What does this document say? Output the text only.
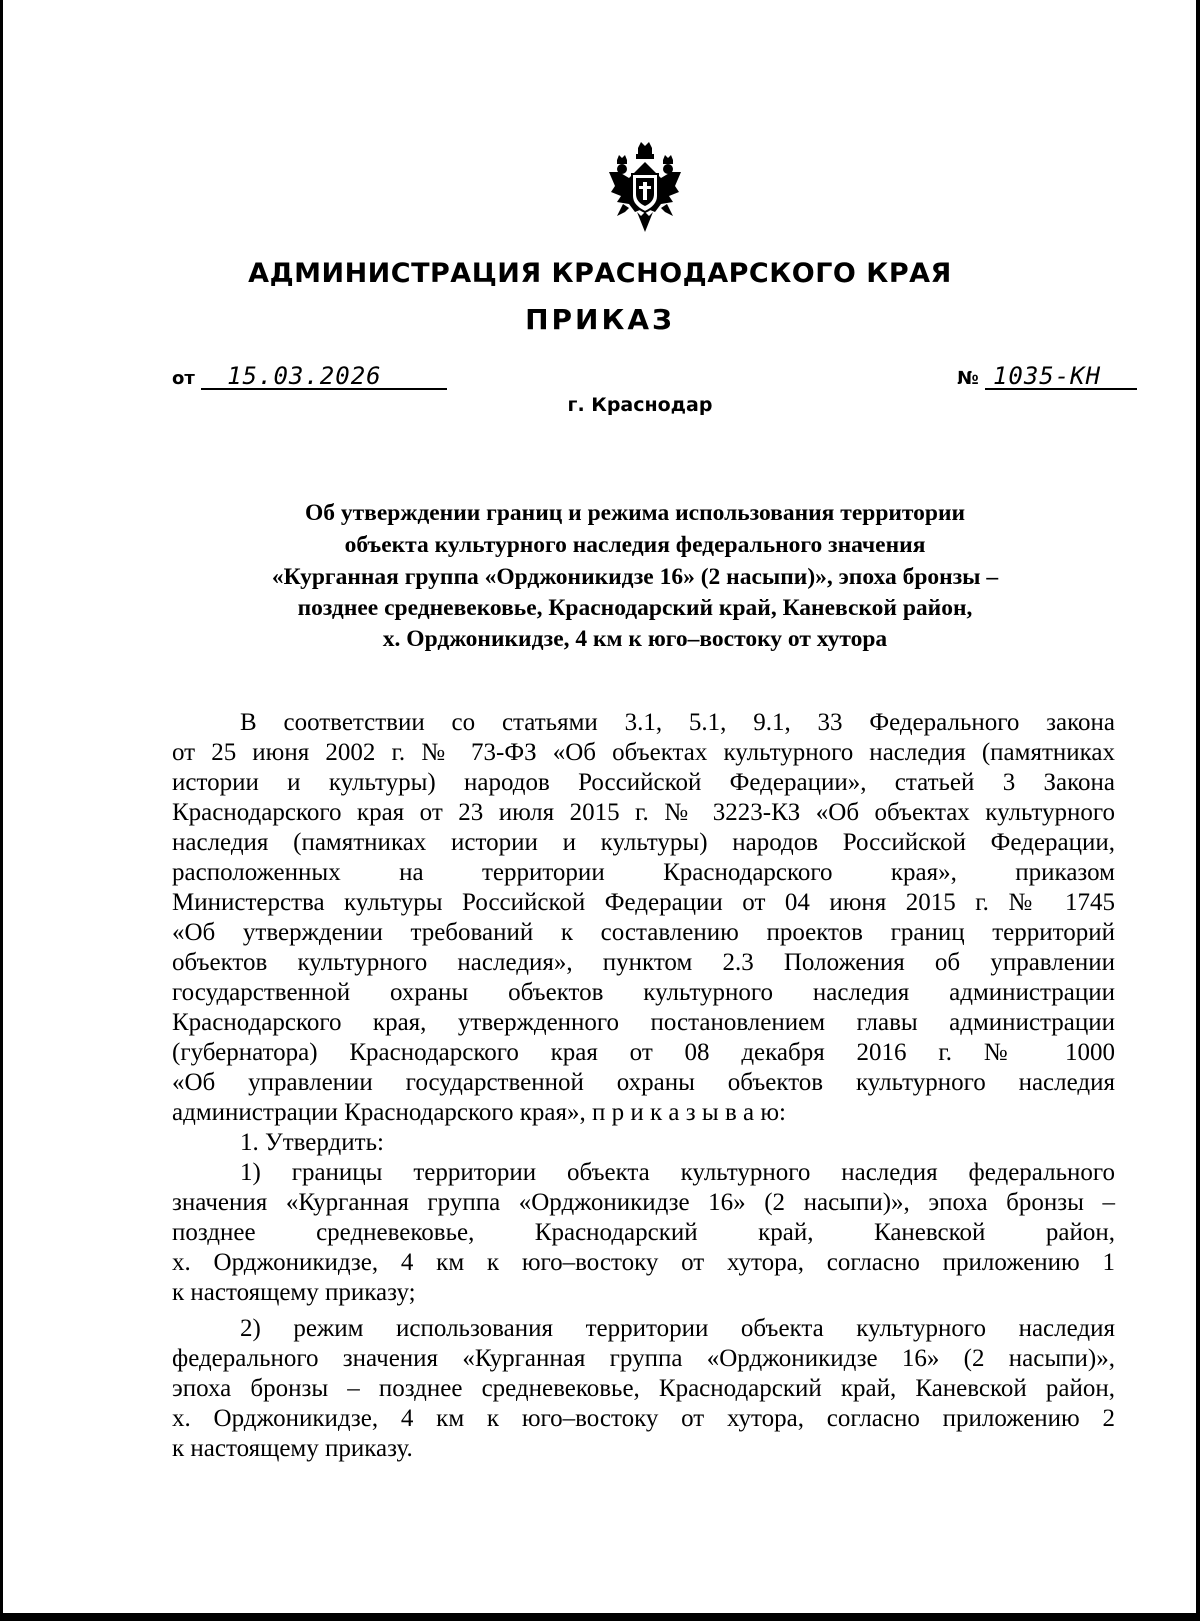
АДМИНИСТРАЦИЯ КРАСНОДАРСКОГО КРАЯ
ПРИКАЗ
от 15.03.2026	№ 1035-КН
г. Краснодар
Об утверждении границ и режима использования территории
объекта культурного наследия федерального значения
«Курганная группа «Орджоникидзе 16» (2 насыпи)», эпоха бронзы –
позднее средневековье, Краснодарский край, Каневской район,
х. Орджоникидзе, 4 км к юго–востоку от хутора
В соответствии со статьями 3.1, 5.1, 9.1, 33 Федерального закона
от 25 июня 2002 г. № 73-ФЗ «Об объектах культурного наследия (памятниках
истории и культуры) народов Российской Федерации», статьей 3 Закона
Краснодарского края от 23 июля 2015 г. № 3223-КЗ «Об объектах культурного
наследия (памятниках истории и культуры) народов Российской Федерации,
расположенных на территории Краснодарского края», приказом
Министерства культуры Российской Федерации от 04 июня 2015 г. № 1745
«Об утверждении требований к составлению проектов границ территорий
объектов культурного наследия», пунктом 2.3 Положения об управлении
государственной охраны объектов культурного наследия администрации
Краснодарского края, утвержденного постановлением главы администрации
(губернатора) Краснодарского края от 08 декабря 2016 г. № 1000
«Об управлении государственной охраны объектов культурного наследия
администрации Краснодарского края», п р и к а з ы в а ю:
1. Утвердить:
1) границы территории объекта культурного наследия федерального
значения «Курганная группа «Орджоникидзе 16» (2 насыпи)», эпоха бронзы –
позднее средневековье, Краснодарский край, Каневской район,
х. Орджоникидзе, 4 км к юго–востоку от хутора, согласно приложению 1
к настоящему приказу;
2) режим использования территории объекта культурного наследия
федерального значения «Курганная группа «Орджоникидзе 16» (2 насыпи)»,
эпоха бронзы – позднее средневековье, Краснодарский край, Каневской район,
х. Орджоникидзе, 4 км к юго–востоку от хутора, согласно приложению 2
к настоящему приказу.
